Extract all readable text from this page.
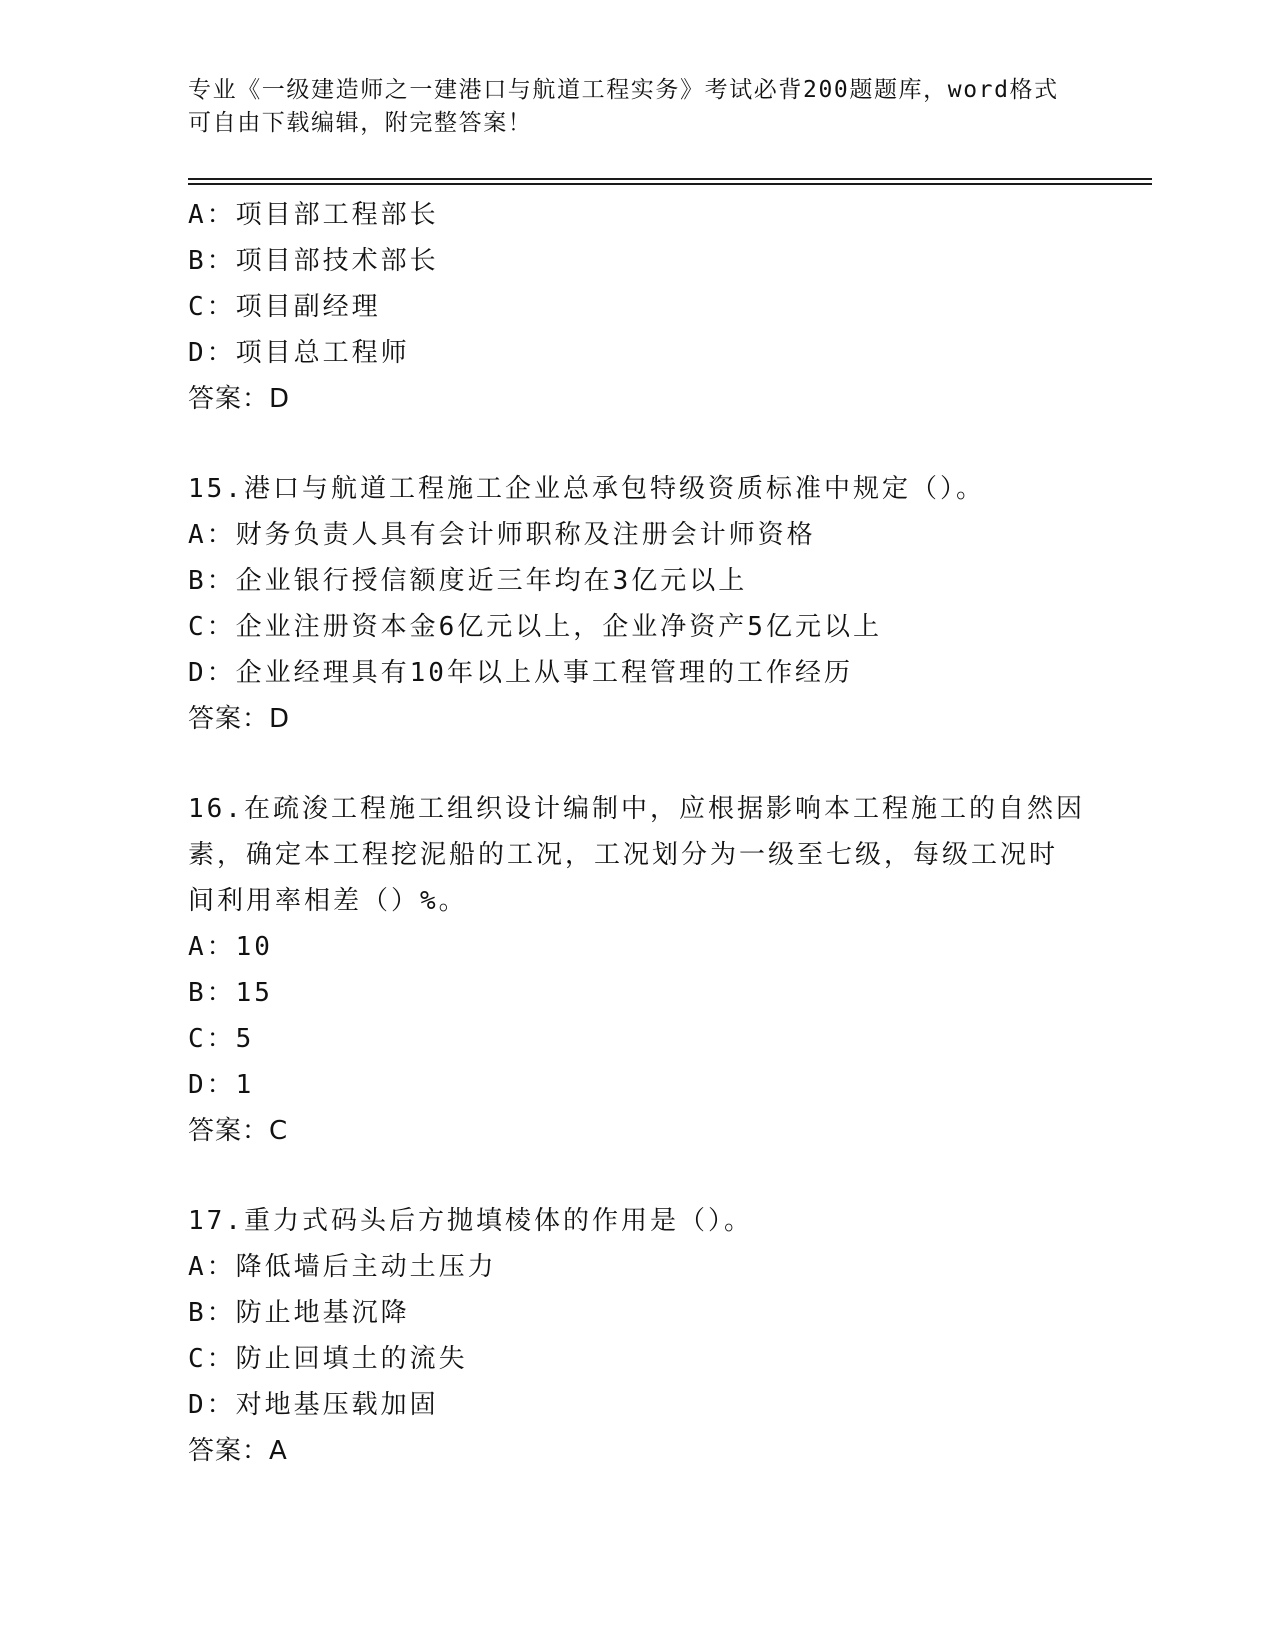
专业《一级建造师之一建港口与航道工程实务》考试必背200题题库，word格式
可自由下载编辑，附完整答案！
A：项目部工程部长
B：项目部技术部长
C：项目副经理
D：项目总工程师
答案：D
15.港口与航道工程施工企业总承包特级资质标准中规定（）。
A：财务负责人具有会计师职称及注册会计师资格
B：企业银行授信额度近三年均在3亿元以上
C：企业注册资本金6亿元以上，企业净资产5亿元以上
D：企业经理具有10年以上从事工程管理的工作经历
答案：D
16.在疏浚工程施工组织设计编制中，应根据影响本工程施工的自然因
素，确定本工程挖泥船的工况，工况划分为一级至七级，每级工况时
间利用率相差（）%。
A：10
B：15
C：5
D：1
答案：C
17.重力式码头后方抛填棱体的作用是（）。
A：降低墙后主动土压力
B：防止地基沉降
C：防止回填土的流失
D：对地基压载加固
答案：A
